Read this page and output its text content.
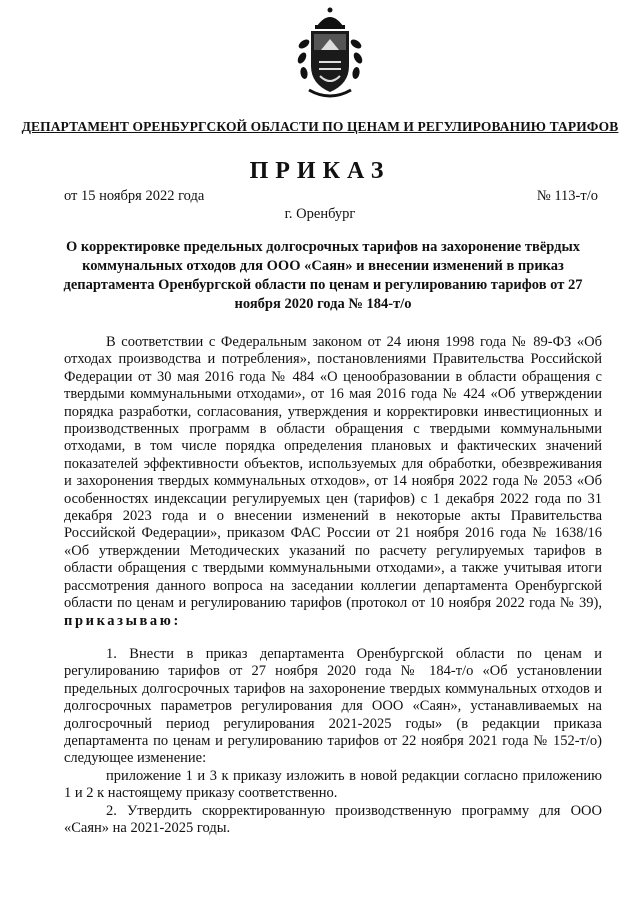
ДЕПАРТАМЕНТ ОРЕНБУРГСКОЙ ОБЛАСТИ ПО ЦЕНАМ И РЕГУЛИРОВАНИЮ ТАРИФОВ
ПРИКАЗ
от 15 ноября 2022 года	№ 113-т/о
г. Оренбург
О корректировке предельных долгосрочных тарифов на захоронение твёрдых коммунальных отходов для ООО «Саян» и внесении изменений в приказ департамента Оренбургской области по ценам и регулированию тарифов от 27 ноября 2020 года № 184-т/о

В соответствии с Федеральным законом от 24 июня 1998 года № 89-ФЗ «Об отходах производства и потребления», постановлениями Правительства Российской Федерации от 30 мая 2016 года № 484 «О ценообразовании в области обращения с твердыми коммунальными отходами», от 16 мая 2016 года № 424 «Об утверждении порядка разработки, согласования, утверждения и корректировки инвестиционных и производственных программ в области обращения с твердыми коммунальными отходами, в том числе порядка определения плановых и фактических значений показателей эффективности объектов, используемых для обработки, обезвреживания и захоронения твердых коммунальных отходов», от 14 ноября 2022 года № 2053 «Об особенностях индексации регулируемых цен (тарифов) с 1 декабря 2022 года по 31 декабря 2023 года и о внесении изменений в некоторые акты Правительства Российской Федерации», приказом ФАС России от 21 ноября 2016 года № 1638/16 «Об утверждении Методических указаний по расчету регулируемых тарифов в области обращения с твердыми коммунальными отходами», а также учитывая итоги рассмотрения данного вопроса на заседании коллегии департамента Оренбургской области по ценам и регулированию тарифов (протокол от 10 ноября 2022 года № 39), приказываю:

1. Внести в приказ департамента Оренбургской области по ценам и регулированию тарифов от 27 ноября 2020 года № 184-т/о «Об установлении предельных долгосрочных тарифов на захоронение твердых коммунальных отходов и долгосрочных параметров регулирования для ООО «Саян», устанавливаемых на долгосрочный период регулирования 2021-2025 годы» (в редакции приказа департамента по ценам и регулированию тарифов от 22 ноября 2021 года № 152-т/о) следующее изменение:

приложение 1 и 3 к приказу изложить в новой редакции согласно приложению 1 и 2 к настоящему приказу соответственно.

2. Утвердить скорректированную производственную программу для ООО «Саян» на 2021-2025 годы.
